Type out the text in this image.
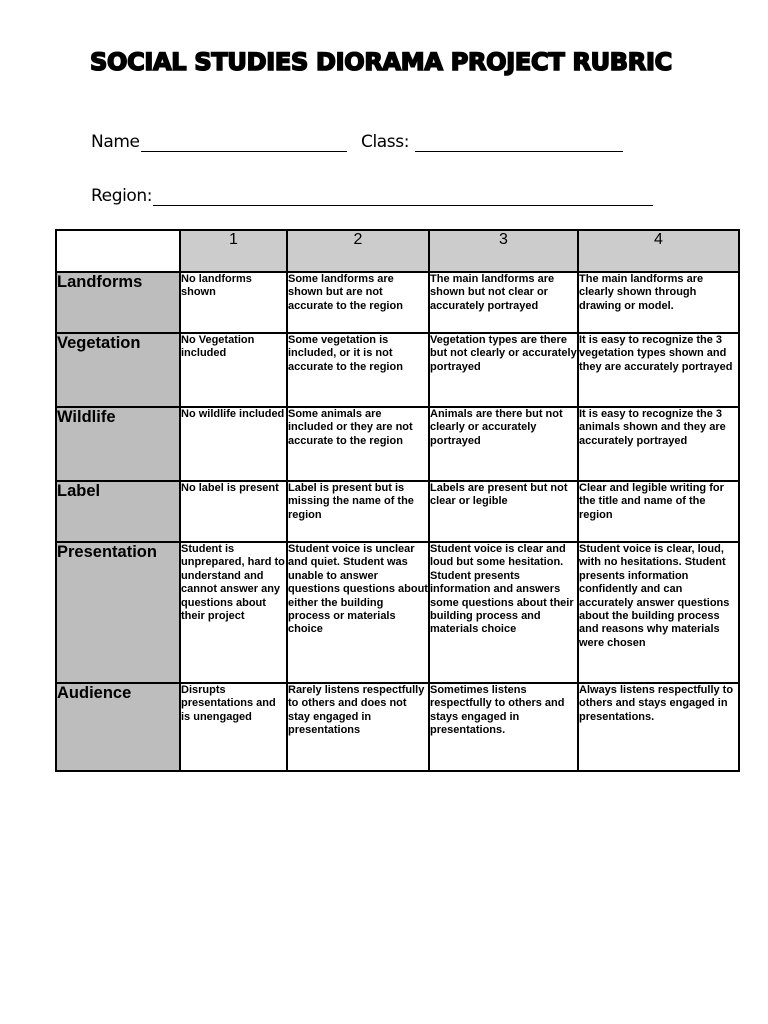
SOCIAL STUDIES DIORAMA PROJECT RUBRIC
Name	Class:
Region:
	1	2	3	4
Landforms	No landforms shown	Some landforms are shown but are not accurate to the region	The main landforms are shown but not clear or accurately portrayed	The main landforms are clearly shown through drawing or model.
Vegetation	No Vegetation included	Some vegetation is included, or it is not accurate to the region	Vegetation types are there but not clearly or accurately portrayed	It is easy to recognize the 3 vegetation types shown and they are accurately portrayed
Wildlife	No wildlife included	Some animals are included or they are not accurate to the region	Animals are there but not clearly or accurately portrayed	It is easy to recognize the 3 animals shown and they are accurately portrayed
Label	No label is present	Label is present but is missing the name of the region	Labels are present but not clear or legible	Clear and legible writing for the title and name of the region
Presentation	Student is unprepared, hard to understand and cannot answer any questions about their project	Student voice is unclear and quiet. Student was unable to answer questions questions about either the building process or materials choice	Student voice is clear and loud but some hesitation. Student presents information and answers some questions about their building process and materials choice	Student voice is clear, loud, with no hesitations. Student presents information confidently and can accurately answer questions about the building process and reasons why materials were chosen
Audience	Disrupts presentations and is unengaged	Rarely listens respectfully to others and does not stay engaged in presentations	Sometimes listens respectfully to others and stays engaged in presentations.	Always listens respectfully to others and stays engaged in presentations.
